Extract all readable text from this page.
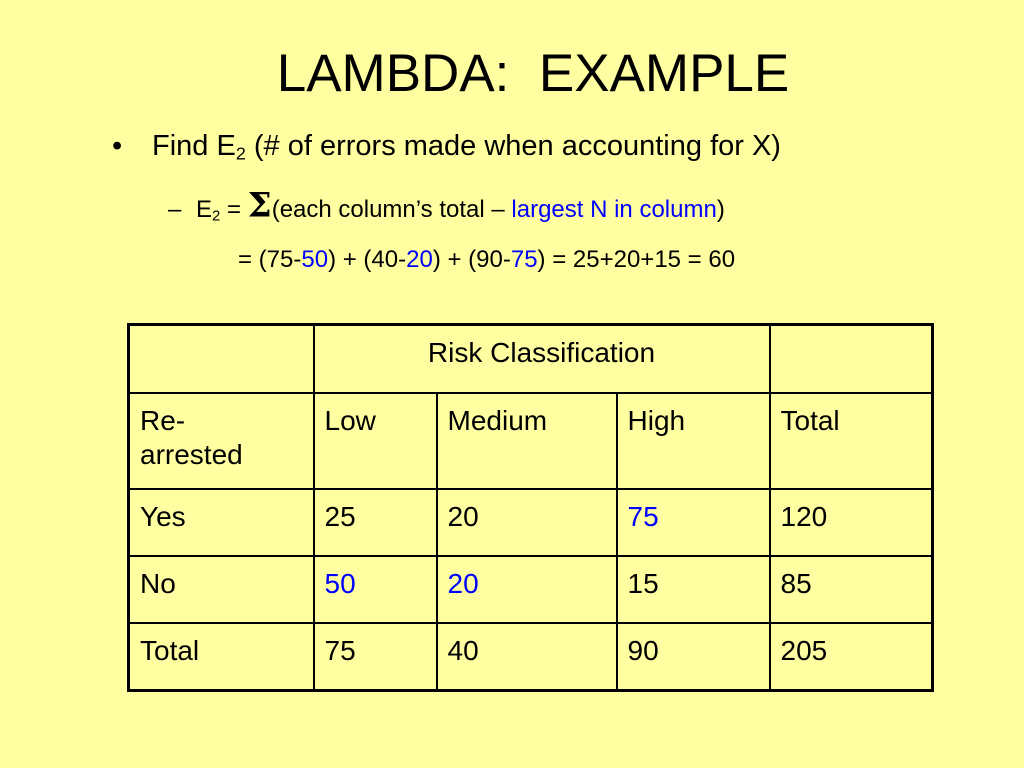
LAMBDA:  EXAMPLE
• Find $E_2$ (# of errors made when accounting for X)
– $E_2$ = Σ(each column’s total – largest N in column)
= (75-50) + (40-20) + (90-75) = 25+20+15 = 60
	Risk Classification			
Re-
arrested	Low	Medium	High	Total
Yes	25	20	75	120
No	50	20	15	85
Total	75	40	90	205
